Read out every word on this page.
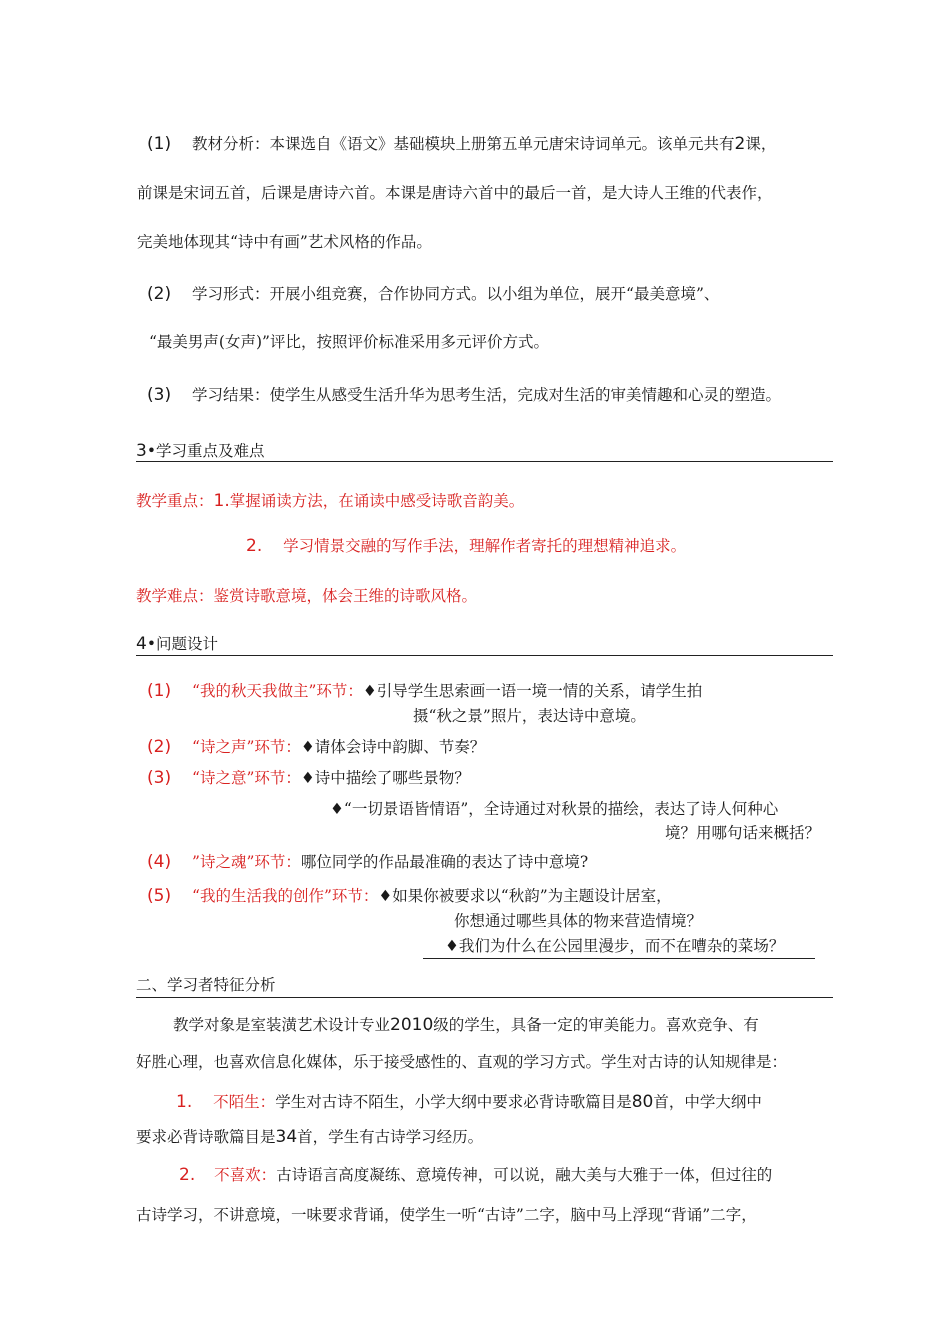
(1) 教材分析：本课选自《语文》基础模块上册第五单元唐宋诗词单元。该单元共有2课，
前课是宋词五首，后课是唐诗六首。本课是唐诗六首中的最后一首，是大诗人王维的代表作，
完美地体现其“诗中有画”艺术风格的作品。
(2) 学习形式：开展小组竞赛，合作协同方式。以小组为单位，展开“最美意境”、
“最美男声(女声)”评比，按照评价标准采用多元评价方式。
(3) 学习结果：使学生从感受生活升华为思考生活，完成对生活的审美情趣和心灵的塑造。
3•学习重点及难点
教学重点：1.掌握诵读方法，在诵读中感受诗歌音韵美。
2. 学习情景交融的写作手法，理解作者寄托的理想精神追求。
教学难点：鉴赏诗歌意境，体会王维的诗歌风格。
4•问题设计
(1) “我的秋天我做主”环节：♦引导学生思索画一语一境一情的关系，请学生拍
摄“秋之景”照片，表达诗中意境。
(2) “诗之声”环节：♦请体会诗中韵脚、节奏？
(3) “诗之意”环节：♦诗中描绘了哪些景物？
♦“一切景语皆情语”，全诗通过对秋景的描绘，表达了诗人何种心
境？用哪句话来概括？
(4) ”诗之魂”环节：哪位同学的作品最准确的表达了诗中意境?
(5) “我的生活我的创作”环节：♦如果你被要求以“秋韵”为主题设计居室，
你想通过哪些具体的物来营造情境？
♦我们为什么在公园里漫步，而不在嘈杂的菜场？
二、学习者特征分析
教学对象是室装潢艺术设计专业2010级的学生，具备一定的审美能力。喜欢竞争、有
好胜心理，也喜欢信息化媒体，乐于接受感性的、直观的学习方式。学生对古诗的认知规律是：
1. 不陌生：学生对古诗不陌生，小学大纲中要求必背诗歌篇目是80首，中学大纲中
要求必背诗歌篇目是34首，学生有古诗学习经历。
2. 不喜欢：古诗语言高度凝练、意境传神，可以说，融大美与大雅于一体，但过往的
古诗学习，不讲意境，一味要求背诵，使学生一听“古诗”二字，脑中马上浮现“背诵”二字，
